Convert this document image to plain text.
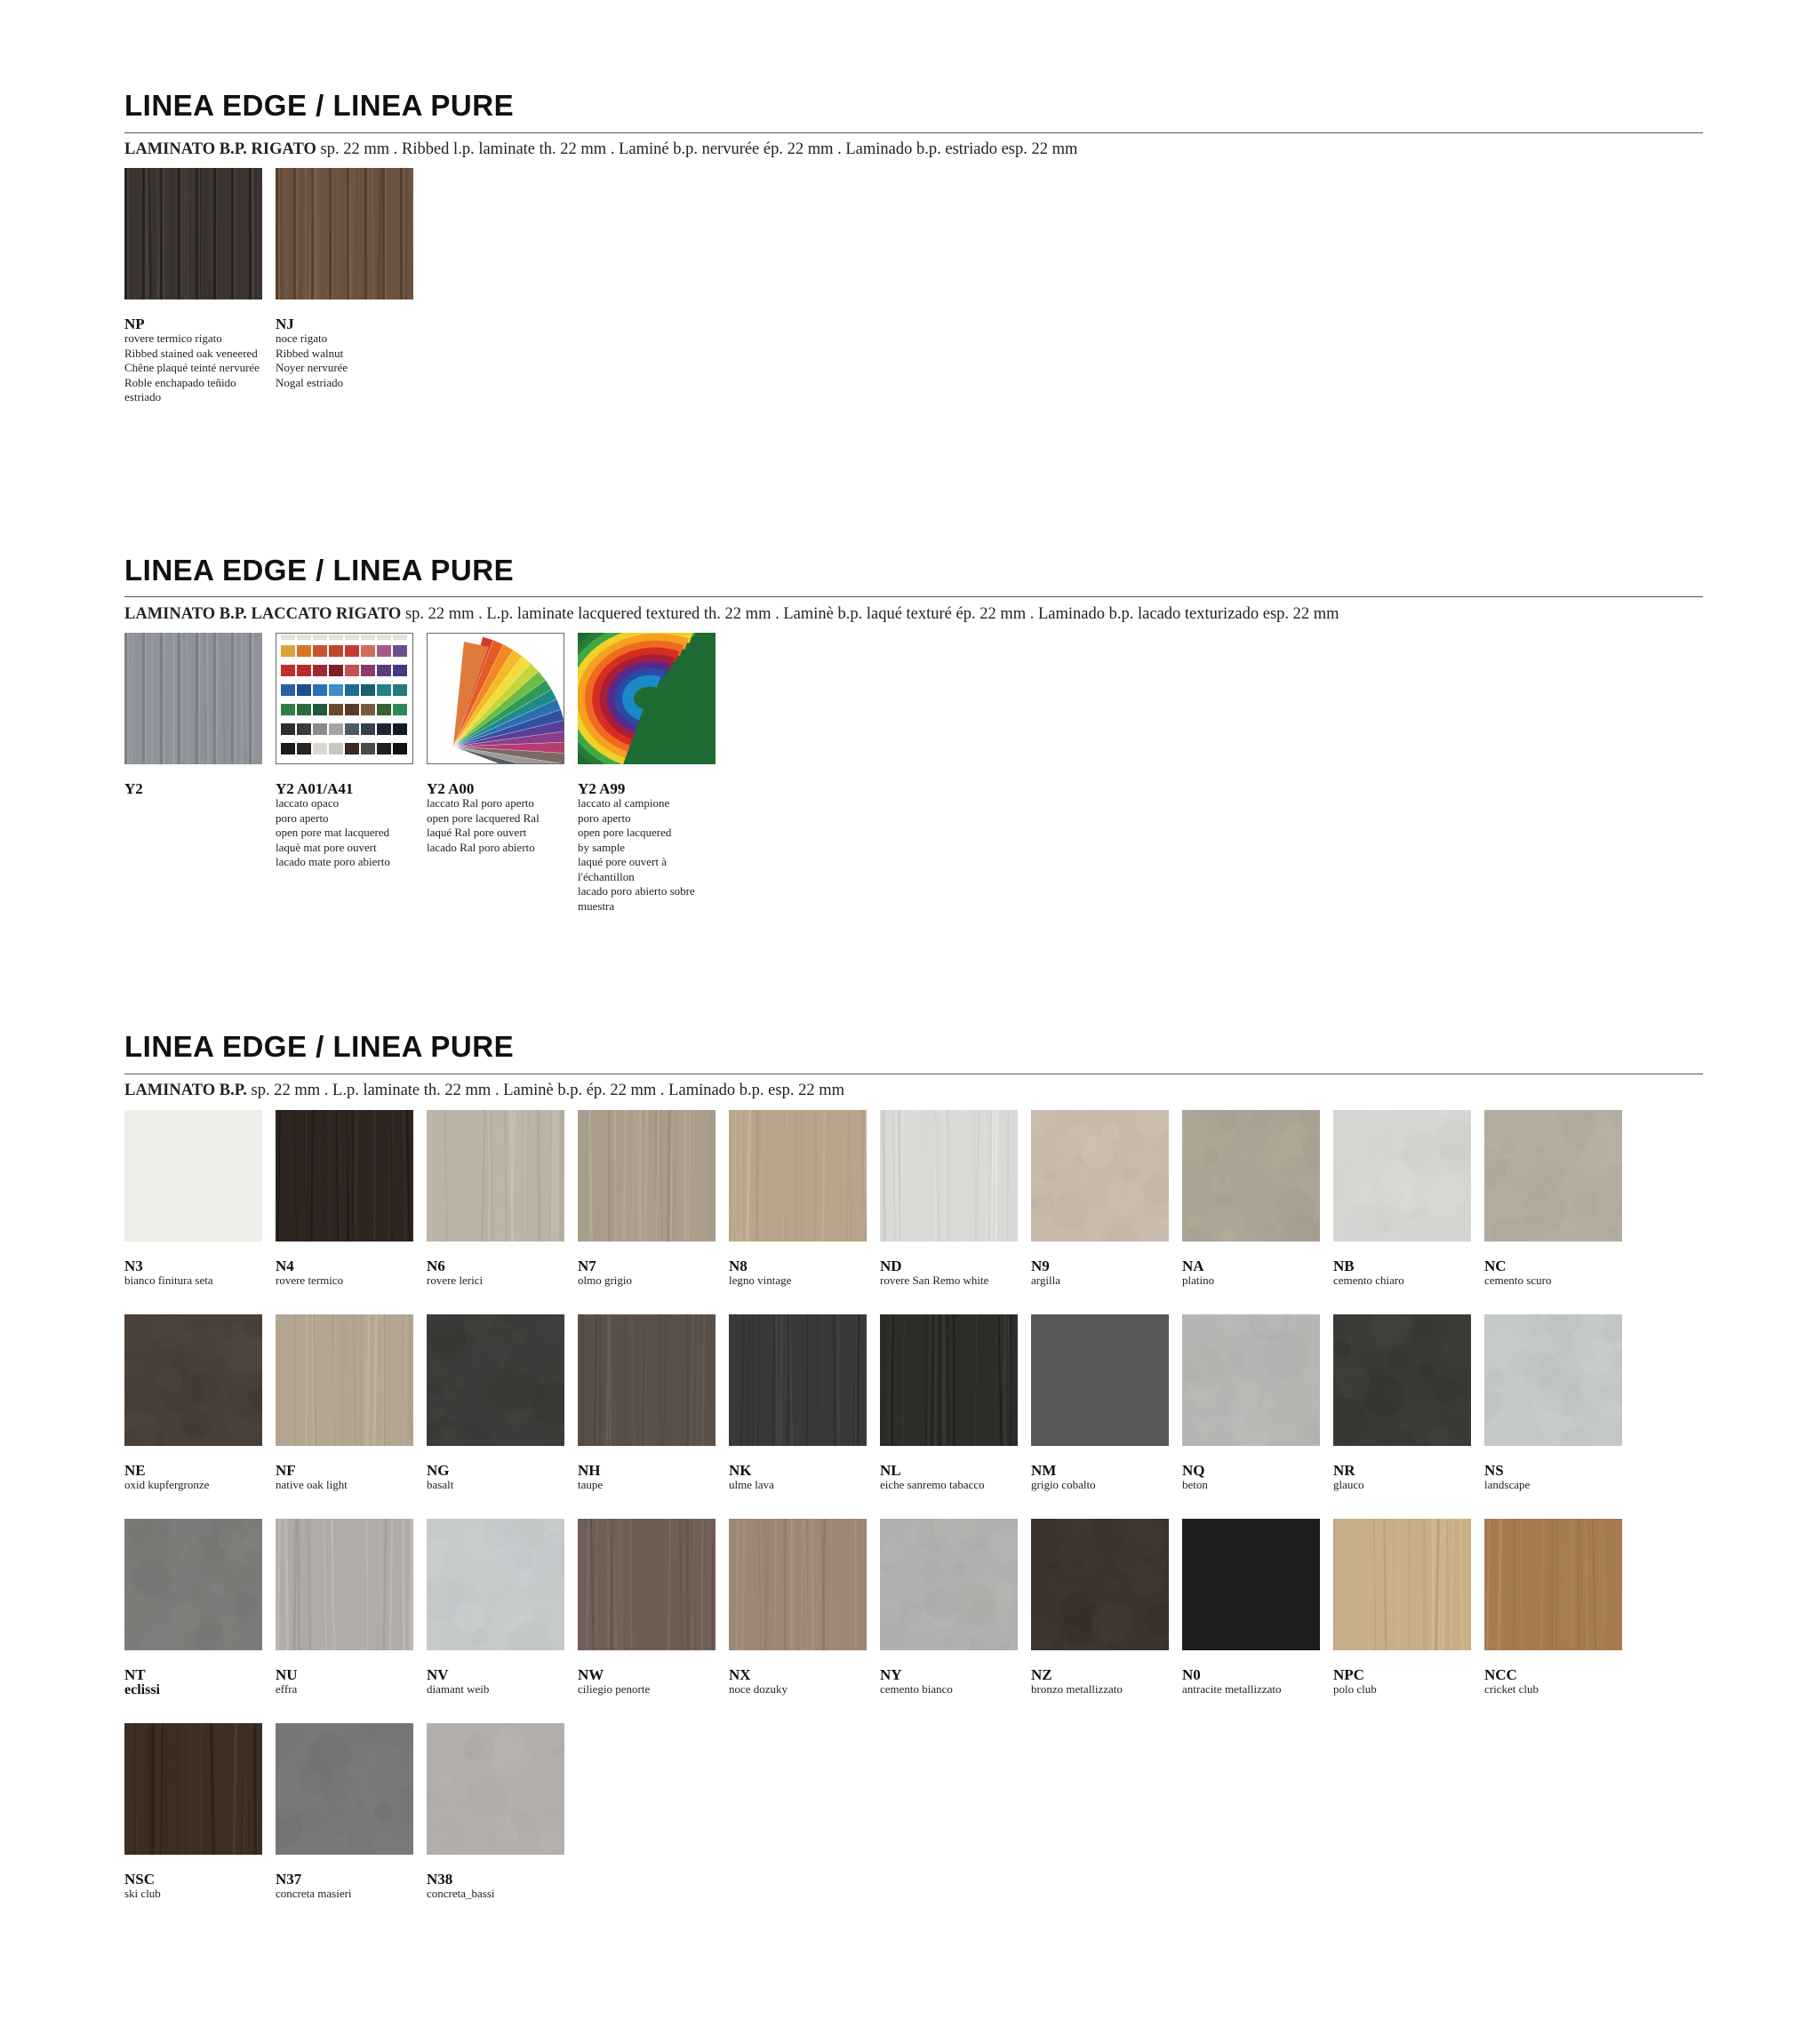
LINEA EDGE / LINEA PURE
LAMINATO B.P. RIGATO sp. 22 mm . Ribbed l.p. laminate th. 22 mm . Laminé b.p. nervurée ép. 22 mm . Laminado b.p. estriado esp. 22 mm
NP
rovere termico rigato
Ribbed stained oak veneered
Chêne plaqué teinté nervurée
Roble enchapado teñido estriado
NJ
noce rigato
Ribbed walnut
Noyer nervurée
Nogal estriado
LINEA EDGE / LINEA PURE
LAMINATO B.P. LACCATO RIGATO sp. 22 mm . L.p. laminate lacquered textured th. 22 mm . Laminè b.p. laqué texturé ép. 22 mm . Laminado b.p. lacado texturizado esp. 22 mm
Y2	Y2 A01/A41
laccato opaco
poro aperto
open pore mat lacquered
laquè mat pore ouvert
lacado mate poro abierto
Y2 A00
laccato Ral poro aperto
open pore lacquered Ral
laqué Ral pore ouvert
lacado Ral poro abierto
Y2 A99
laccato al campione
poro aperto
open pore lacquered
by sample
laqué pore ouvert à l'échantillon
lacado poro abierto sobre muestra
LINEA EDGE / LINEA PURE
LAMINATO B.P. sp. 22 mm . L.p. laminate th. 22 mm . Laminè b.p. ép. 22 mm . Laminado b.p. esp. 22 mm
N3
bianco finitura seta
N4
rovere termico
N6
rovere lerici
N7
olmo grigio
N8
legno vintage
ND
rovere San Remo white
N9
argilla
NA
platino
NB
cemento chiaro
NC
cemento scuro
NE
oxid kupfergronze
NF
native oak light
NG
basalt
NH
taupe
NK
ulme lava
NL
eiche sanremo tabacco
NM
grigio cobalto
NQ
beton
NR
glauco
NS
landscape
NT
eclissi
NU
effra
NV
diamant weib
NW
ciliegio penorte
NX
noce dozuky
NY
cemento bianco
NZ
bronzo metallizzato
N0
antracite metallizzato
NPC
polo club
NCC
cricket club
NSC
ski club
N37
concreta masieri
N38
concreta_bassi
